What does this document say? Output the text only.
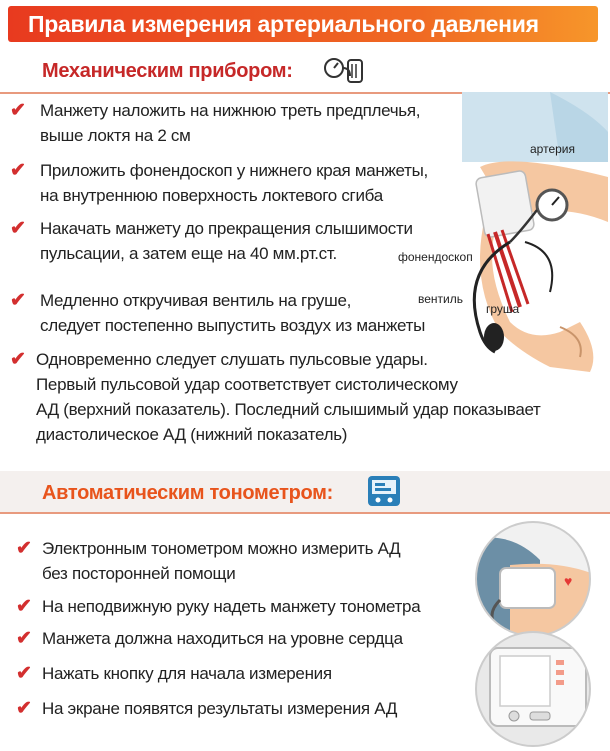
Правила измерения артериального давления
Механическим прибором:
✔ Манжету наложить на нижнюю треть предплечья,
выше локтя на 2 см
✔ Приложить фонендоскоп у нижнего края манжеты,
на внутреннюю поверхность локтевого сгиба
✔ Накачать манжету до прекращения слышимости
пульсации, а затем еще на 40 мм.рт.ст.
✔ Медленно откручивая вентиль на груше,
следует постепенно выпустить воздух из манжеты
✔ Одновременно следует слушать пульсовые удары.
Первый пульсовой удар соответствует систолическому
АД (верхний показатель). Последний слышимый удар показывает
диастолическое АД (нижний показатель)
артерия
фонендоскоп
вентиль
груша
Автоматическим тонометром:
✔ Электронным тонометром можно измерить АД
без посторонней помощи
✔ На неподвижную руку надеть манжету тонометра
✔ Манжета должна находиться на уровне сердца
✔ Нажать кнопку для начала измерения
✔ На экране появятся результаты измерения АД
♥
